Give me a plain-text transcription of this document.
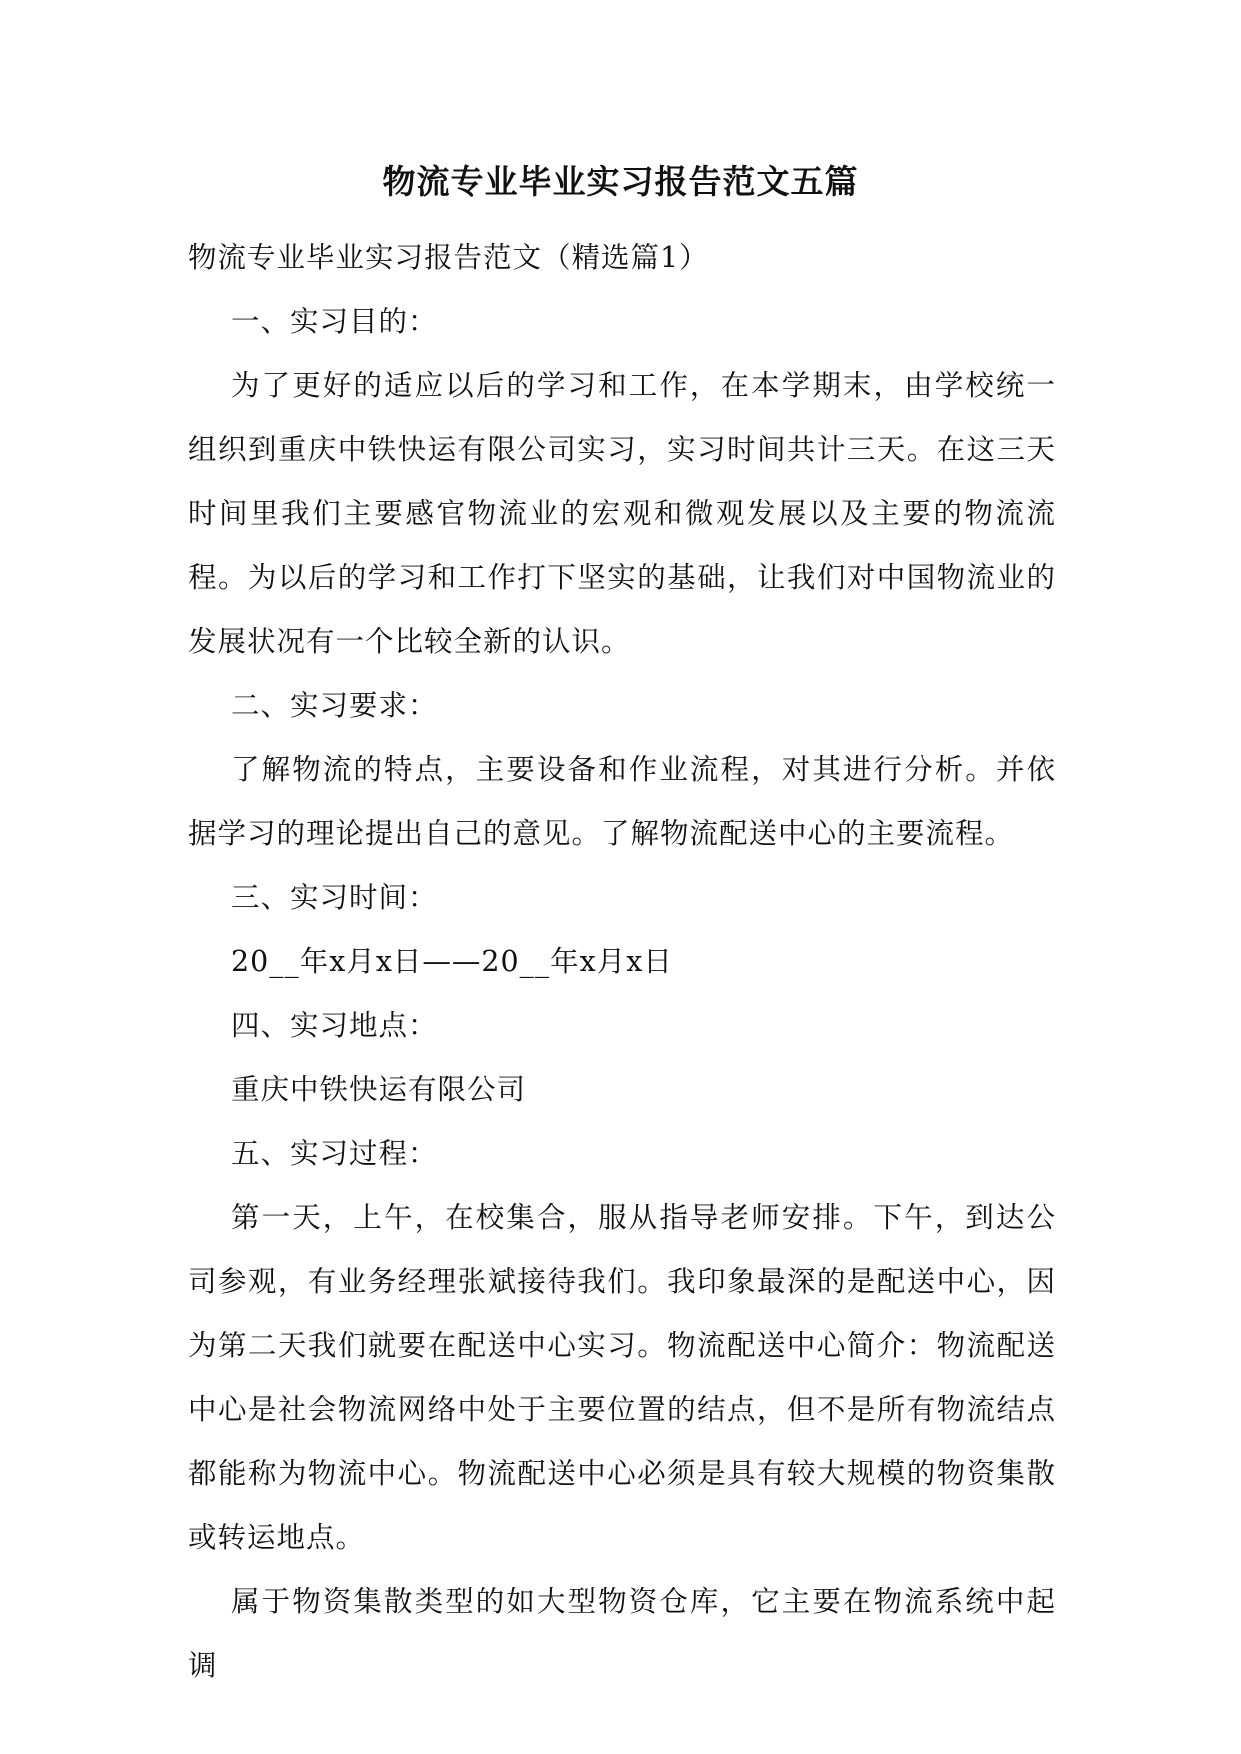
物流专业毕业实习报告范文五篇

物流专业毕业实习报告范文（精选篇1）

一、实习目的：

为了更好的适应以后的学习和工作，在本学期末，由学校统一组织到重庆中铁快运有限公司实习，实习时间共计三天。在这三天时间里我们主要感官物流业的宏观和微观发展以及主要的物流流程。为以后的学习和工作打下坚实的基础，让我们对中国物流业的发展状况有一个比较全新的认识。

二、实习要求：

了解物流的特点，主要设备和作业流程，对其进行分析。并依据学习的理论提出自己的意见。了解物流配送中心的主要流程。

三、实习时间：

20__年x月x日——20__年x月x日

四、实习地点：

重庆中铁快运有限公司

五、实习过程：

第一天，上午，在校集合，服从指导老师安排。下午，到达公司参观，有业务经理张斌接待我们。我印象最深的是配送中心，因为第二天我们就要在配送中心实习。物流配送中心简介：物流配送中心是社会物流网络中处于主要位置的结点，但不是所有物流结点都能称为物流中心。物流配送中心必须是具有较大规模的物资集散或转运地点。

属于物资集散类型的如大型物资仓库，它主要在物流系统中起调
